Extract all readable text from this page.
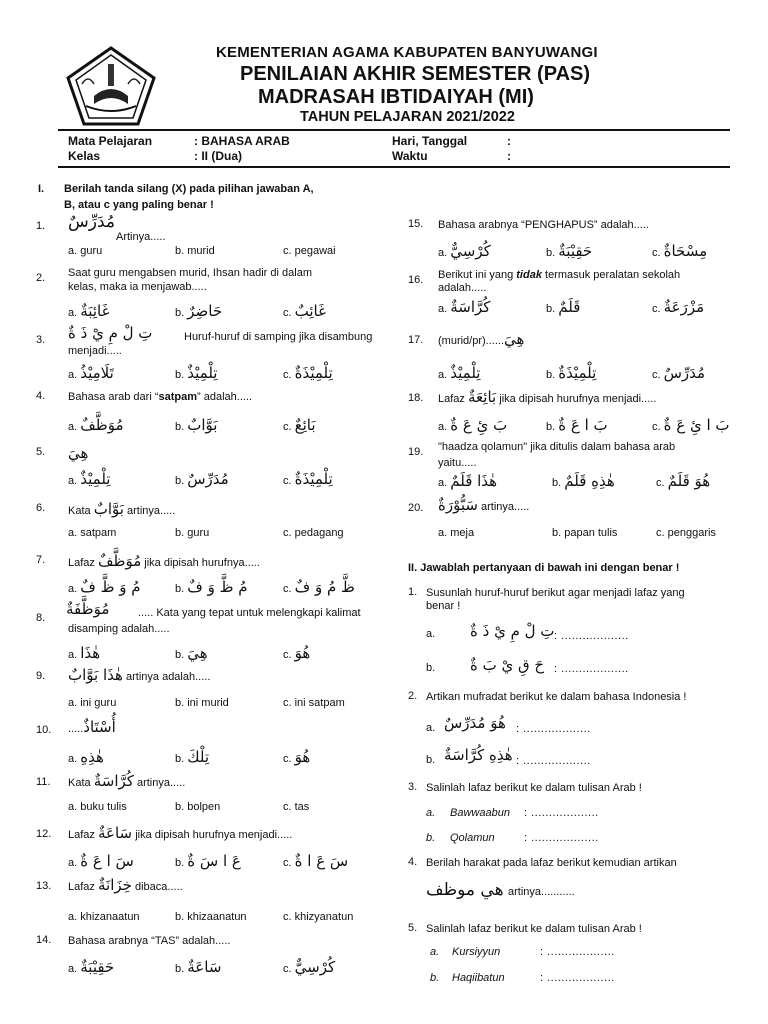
KEMENTERIAN AGAMA KABUPATEN BANYUWANGI
PENILAIAN AKHIR SEMESTER (PAS)
MADRASAH IBTIDAIYAH (MI)
TAHUN PELAJARAN 2021/2022
Mata Pelajaran	: BAHASA ARAB
Kelas	: II (Dua)
Hari, Tanggal	:
Waktu	:
I. Berilah tanda silang (X) pada pilihan jawaban A,
B, atau c yang paling benar !
1. مُدَرِّسٌ
Artinya.....
a. guru	b. murid	c. pegawai
2. Saat guru mengabsen murid, Ihsan hadir di dalam
kelas, maka ia menjawab.....
a. غَائِبَةٌ	b. حَاضِرٌ	c. غَائِبٌ
3. تِ لْ مِ يْ ذَ ةٌ	Huruf-huruf di samping jika disambung
menjadi.....
a. تَلَامِيْذُ	b. تِلْمِيْذٌ	c. تِلْمِيْذَةٌ
4. Bahasa arab dari “satpam” adalah.....
a. مُوَظَّفٌ	b. بَوَّابٌ	c. بَائِعٌ
5. هِيَ
a. تِلْمِيْذٌ	b. مُدَرِّسٌ	c. تِلْمِيْذَةٌ
6. Kata بَوَّابٌ artinya.....
a. satpam	b. guru	c. pedagang
7. Lafaz مُوَظَّفٌ jika dipisah hurufnya.....
a. مُ وَ ظَّ فٌ	b. مُ ظَّ وَ فٌ	c. ظَّ مُ وَ فٌ
8. مُوَظَّفَةٌ	..... Kata yang tepat untuk melengkapi kalimat
disamping adalah.....
a. هٰذَا	b. هِيَ	c. هُوَ
9. هٰذَا بَوَّابٌ artinya adalah.....
a. ini guru	b. ini murid	c. ini satpam
10. .....أُسْتَاذٌ
a. هٰذِهِ	b. تِلْكَ	c. هُوَ
11. Kata كُرَّاسَةٌ artinya.....
a. buku tulis	b. bolpen	c. tas
12. Lafaz سَاعَةٌ jika dipisah hurufnya menjadi.....
a. سَ ا عَ ةٌ	b. عَ ا سَ ةٌ	c. سَ عَ ا ةٌ
13. Lafaz خِزَانَةٌ dibaca.....
a. khizanaatun	b. khizaanatun	c. khizyanatun
14. Bahasa arabnya “TAS” adalah.....
a. حَقِيْبَةٌ	b. سَاعَةٌ	c. كُرْسِيٌّ
15. Bahasa arabnya “PENGHAPUS” adalah.....
a. كُرْسِيٌّ	b. حَقِيْبَةٌ	c. مِسْحَاةٌ
16. Berikut ini yang tidak termasuk peralatan sekolah
adalah.....
a. كُرَّاسَةٌ	b. قَلَمٌ	c. مَزْرَعَةٌ
17. (murid/pr)......هِيَ
a. تِلْمِيْذٌ	b. تِلْمِيْذَةٌ	c. مُدَرِّسٌ
18. Lafaz بَائِعَةٌ jika dipisah hurufnya menjadi.....
a. بَ ئِ عَ ةٌ	b. بَ ا عَ ةٌ	c. بَ ا ئِ عَ ةٌ
19. "haadza qolamun" jika ditulis dalam bahasa arab
yaitu.....
a. هٰذَا قَلَمٌ	b. هٰذِهِ قَلَمٌ	c. هُوَ قَلَمٌ
20. سَبُّوْرَةٌ artinya.....
a. meja	b. papan tulis	c. penggaris
II. Jawablah pertanyaan di bawah ini dengan benar !
1. Susunlah huruf-huruf berikut agar menjadi lafaz yang
benar !
a. تِ لْ مِ يْ ذَ ةٌ : ...................
b. حَ قِ يْ بَ ةٌ : ...................
2. Artikan mufradat berikut ke dalam bahasa Indonesia !
a. هُوَ مُدَرِّسٌ : ...................
b. هٰذِهِ كُرَّاسَةٌ : ...................
3. Salinlah lafaz berikut ke dalam tulisan Arab !
a. Bawwaabun : ...................
b. Qolamun	: ...................
4. Berilah harakat pada lafaz berikut kemudian artikan
هي موظف artinya...........
5. Salinlah lafaz berikut ke dalam tulisan Arab !
a. Kursiyyun	: ...................
b. Haqiibatun	: ...................
